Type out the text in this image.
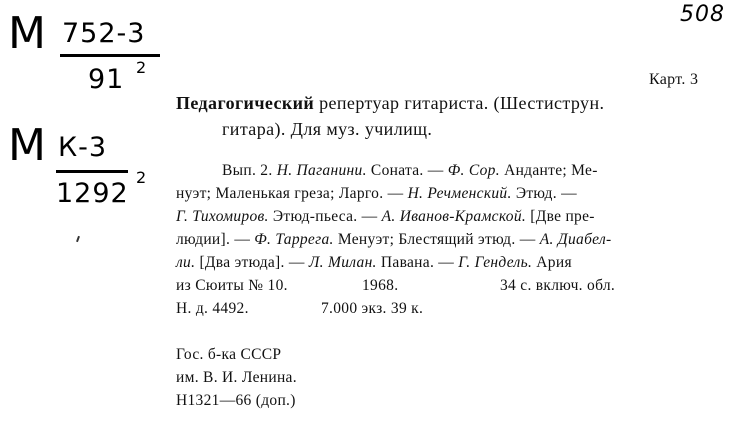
М 752-3
91 2
М К-3
1292
2
508
Карт. 3
Педагогический репертуар гитариста. (Шестиструн.
гитара). Для муз. училищ.
Вып. 2. Н. Паганини. Соната. — Ф. Сор. Анданте; Ме-
нуэт; Маленькая греза; Ларго. — Н. Речменский. Этюд. —
Г. Тихомиров. Этюд-пьеса. — А. Иванов-Крамской. [Две пре-
людии]. — Ф. Таррега. Менуэт; Блестящий этюд. — А. Диабел-
ли. [Два этюда]. — Л. Милан. Павана. — Г. Гендель. Ария
из Сюиты № 10.	1968.	34 с. включ. обл.
Н. д. 4492.	7.000 экз. 39 к.
Гос. б-ка СССР
им. В. И. Ленина.
Н1321—66 (доп.)
